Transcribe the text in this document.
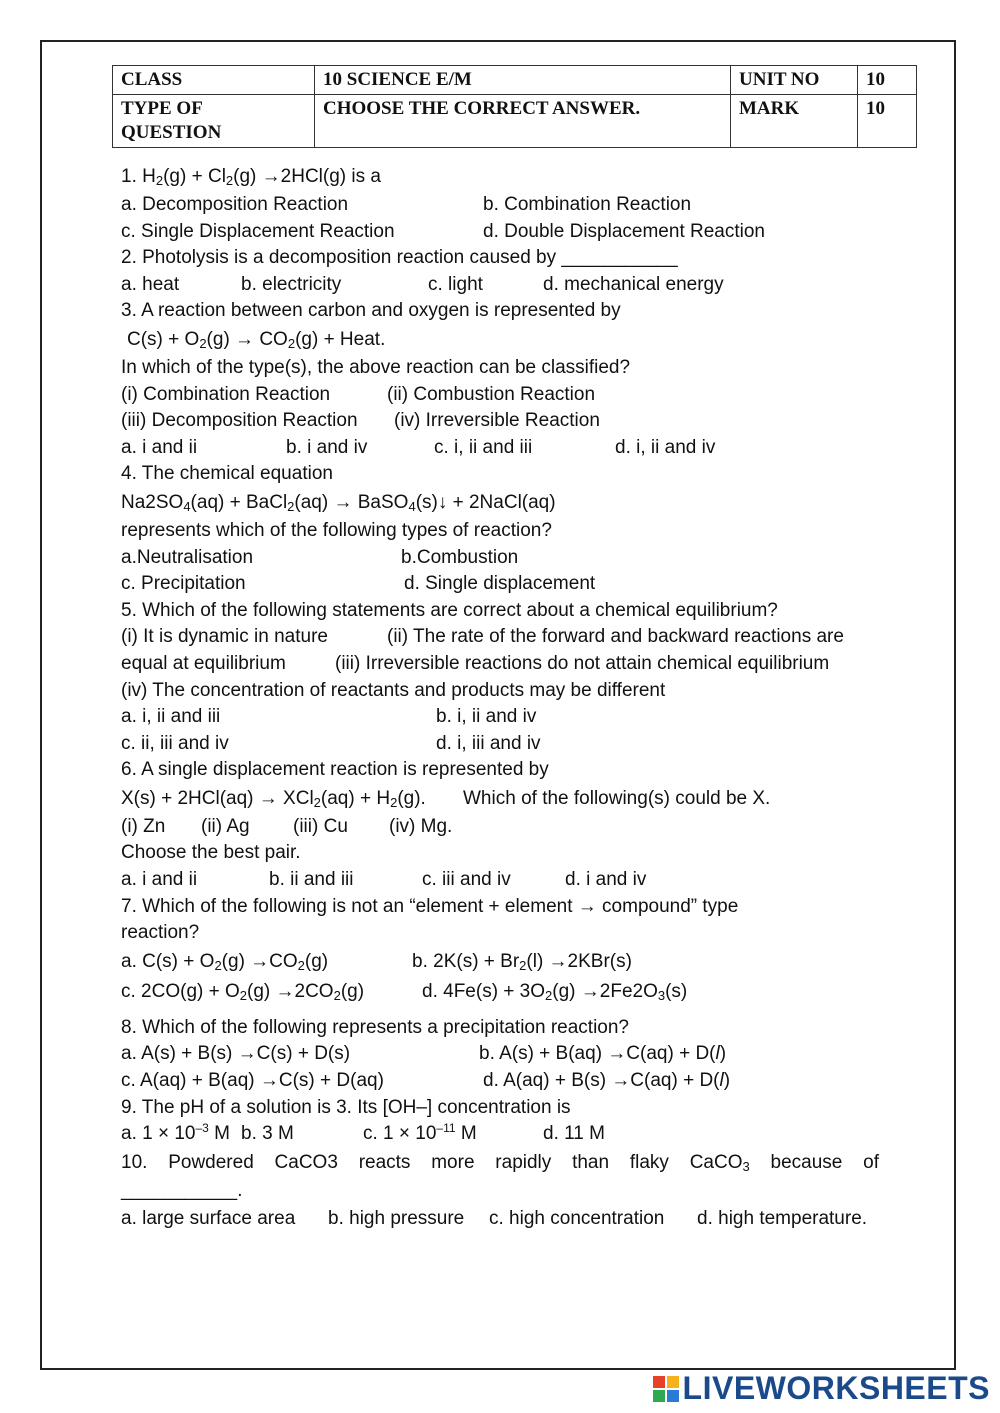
CLASS	10 SCIENCE E/M	UNIT NO	10
TYPE OF QUESTION	CHOOSE THE CORRECT ANSWER.	MARK	10
1. $H_2(g) + Cl_2(g) \to 2HCl(g)$ is a
a. Decomposition Reaction	b. Combination Reaction
c. Single Displacement Reaction	d. Double Displacement Reaction
2. Photolysis is a decomposition reaction caused by ___________
a. heat	b. electricity	c. light	d. mechanical energy
3. A reaction between carbon and oxygen is represented by
$C(s) + O_2(g) \to CO_2(g)$ + Heat.
In which of the type(s), the above reaction can be classified?
(i) Combination Reaction	(ii) Combustion Reaction
(iii) Decomposition Reaction (iv) Irreversible Reaction
a. i and ii	b. i and iv	c. i, ii and iii	d. i, ii and iv
4. The chemical equation
$Na2SO_4(aq)$ + BaCl$_2$(aq) → BaSO$_4$(s)↓ + 2NaCl(aq)
represents which of the following types of reaction?
a.Neutralisation	b.Combustion
c. Precipitation	d. Single displacement
5. Which of the following statements are correct about a chemical equilibrium?
(i) It is dynamic in nature	(ii) The rate of the forward and backward reactions are
equal at equilibrium	(iii) Irreversible reactions do not attain chemical equilibrium
(iv) The concentration of reactants and products may be different
a. i, ii and iii	b. i, ii and iv
c. ii, iii and iv	d. i, iii and iv
6. A single displacement reaction is represented by
$X(s) + 2HCl(aq) \to XCl_2(aq) + H_2(g)$. Which of the following(s) could be X.
(i) Zn (ii) Ag (iii) Cu (iv) Mg.
Choose the best pair.
a. i and ii	b. ii and iii	c. iii and iv	d. i and iv
7. Which of the following is not an “element + element → compound” type
reaction?
a. $C(s) + O_2(g) \to CO_2(g)$	b. $2K(s) + Br_2(l) \to 2KBr(s)$
c. $2CO(g) + O_2(g) \to 2CO_2(g)$	d. $4Fe(s) + 3O_2(g) \to 2Fe2O_3(s)$
8. Which of the following represents a precipitation reaction?
a. A(s) + B(s) →C(s) + D(s)	b. A(s) + B(aq) →C(aq) + D(l)
c. A(aq) + B(aq) →C(s) + D(aq)	d. A(aq) + B(s) →C(aq) + D(l)
9. The pH of a solution is 3. Its [OH–] concentration is
a. $1 \times 10^{-3}$ M b. 3 M	c. $1 \times 10^{-11}$ M	d. 11 M
10. Powdered CaCO3 reacts more rapidly than flaky CaCO$_3$ because of
___________.
a. large surface area b. high pressure c. high concentration d. high temperature.
LIVEWORKSHEETS
